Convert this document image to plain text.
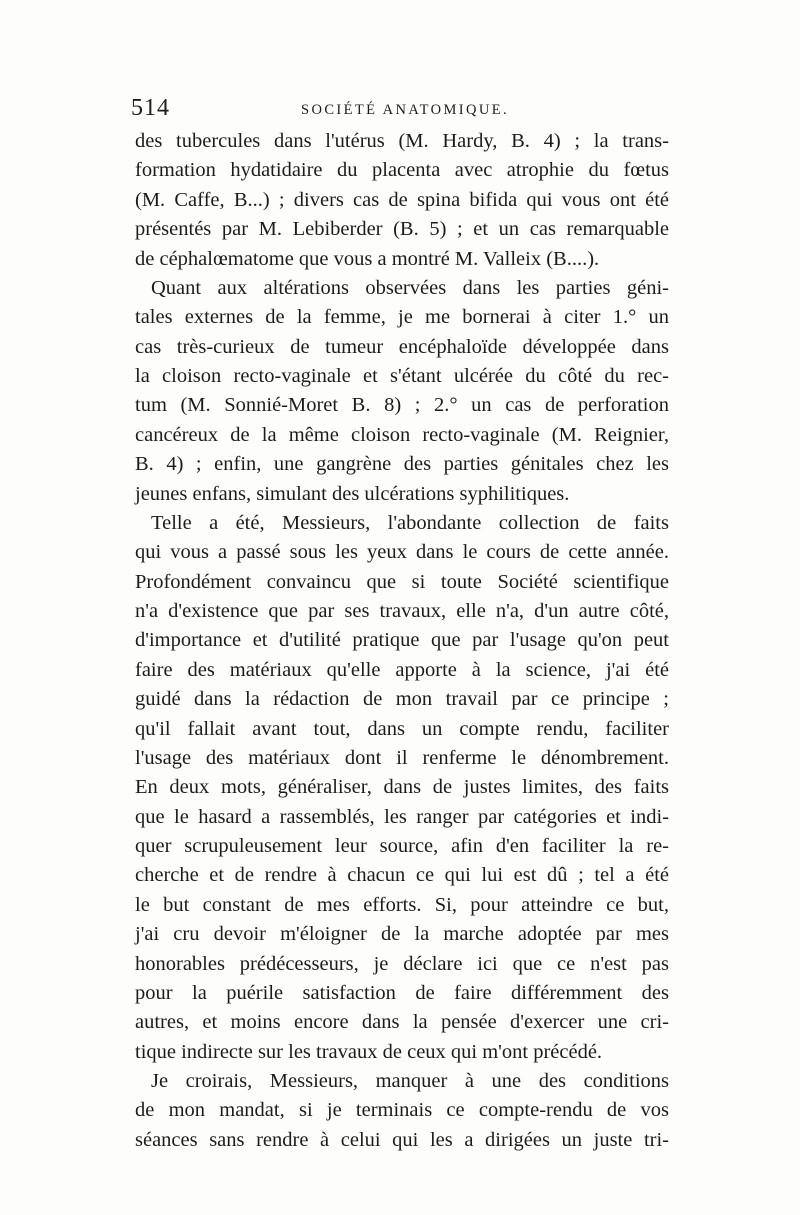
514	SOCIÉTÉ ANATOMIQUE.
des tubercules dans l'utérus (M. Hardy, B. 4) ; la trans-
formation hydatidaire du placenta avec atrophie du fœtus
(M. Caffe, B...) ; divers cas de spina bifida qui vous ont été
présentés par M. Lebiberder (B. 5) ; et un cas remarquable
de céphalœmatome que vous a montré M. Valleix (B....).
Quant aux altérations observées dans les parties géni-
tales externes de la femme, je me bornerai à citer 1.° un
cas très-curieux de tumeur encéphaloïde développée dans
la cloison recto-vaginale et s'étant ulcérée du côté du rec-
tum (M. Sonnié-Moret B. 8) ; 2.° un cas de perforation
cancéreux de la même cloison recto-vaginale (M. Reignier,
B. 4) ; enfin, une gangrène des parties génitales chez les
jeunes enfans, simulant des ulcérations syphilitiques.
Telle a été, Messieurs, l'abondante collection de faits
qui vous a passé sous les yeux dans le cours de cette année.
Profondément convaincu que si toute Société scientifique
n'a d'existence que par ses travaux, elle n'a, d'un autre côté,
d'importance et d'utilité pratique que par l'usage qu'on peut
faire des matériaux qu'elle apporte à la science, j'ai été
guidé dans la rédaction de mon travail par ce principe ;
qu'il fallait avant tout, dans un compte rendu, faciliter
l'usage des matériaux dont il renferme le dénombrement.
En deux mots, généraliser, dans de justes limites, des faits
que le hasard a rassemblés, les ranger par catégories et indi-
quer scrupuleusement leur source, afin d'en faciliter la re-
cherche et de rendre à chacun ce qui lui est dû ; tel a été
le but constant de mes efforts. Si, pour atteindre ce but,
j'ai cru devoir m'éloigner de la marche adoptée par mes
honorables prédécesseurs, je déclare ici que ce n'est pas
pour la puérile satisfaction de faire différemment des
autres, et moins encore dans la pensée d'exercer une cri-
tique indirecte sur les travaux de ceux qui m'ont précédé.
Je croirais, Messieurs, manquer à une des conditions
de mon mandat, si je terminais ce compte-rendu de vos
séances sans rendre à celui qui les a dirigées un juste tri-
